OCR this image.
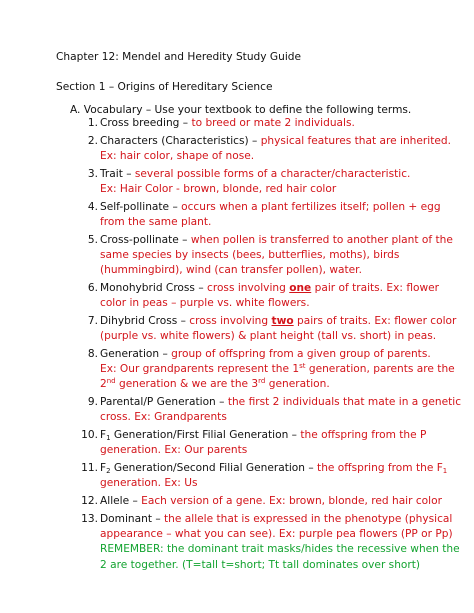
Chapter 12: Mendel and Heredity Study Guide
Section 1 – Origins of Hereditary Science
A. Vocabulary – Use your textbook to define the following terms.
1. Cross breeding – to breed or mate 2 individuals.
2. Characters (Characteristics) – physical features that are inherited.
Ex: hair color, shape of nose.
3. Trait – several possible forms of a character/characteristic.
Ex: Hair Color - brown, blonde, red hair color
4. Self-pollinate – occurs when a plant fertilizes itself; pollen + egg from the same plant.
5. Cross-pollinate – when pollen is transferred to another plant of the same species by insects (bees, butterflies, moths), birds (hummingbird), wind (can transfer pollen), water.
6. Monohybrid Cross – cross involving one pair of traits. Ex: flower color in peas – purple vs. white flowers.
7. Dihybrid Cross – cross involving two pairs of traits. Ex: flower color (purple vs. white flowers) & plant height (tall vs. short) in peas.
8. Generation – group of offspring from a given group of parents.
Ex: Our grandparents represent the 1st generation, parents are the 2nd generation & we are the 3rd generation.
9. Parental/P Generation – the first 2 individuals that mate in a genetic cross. Ex: Grandparents
10. $F_1$ Generation/First Filial Generation – the offspring from the P generation. Ex: Our parents
11. $F_2$ Generation/Second Filial Generation – the offspring from the $F_1$ generation. Ex: Us
12. Allele – Each version of a gene. Ex: brown, blonde, red hair color
13. Dominant – the allele that is expressed in the phenotype (physical appearance – what you can see). Ex: purple pea flowers (PP or Pp)
REMEMBER: the dominant trait masks/hides the recessive when the 2 are together. (T=tall t=short; Tt tall dominates over short)
